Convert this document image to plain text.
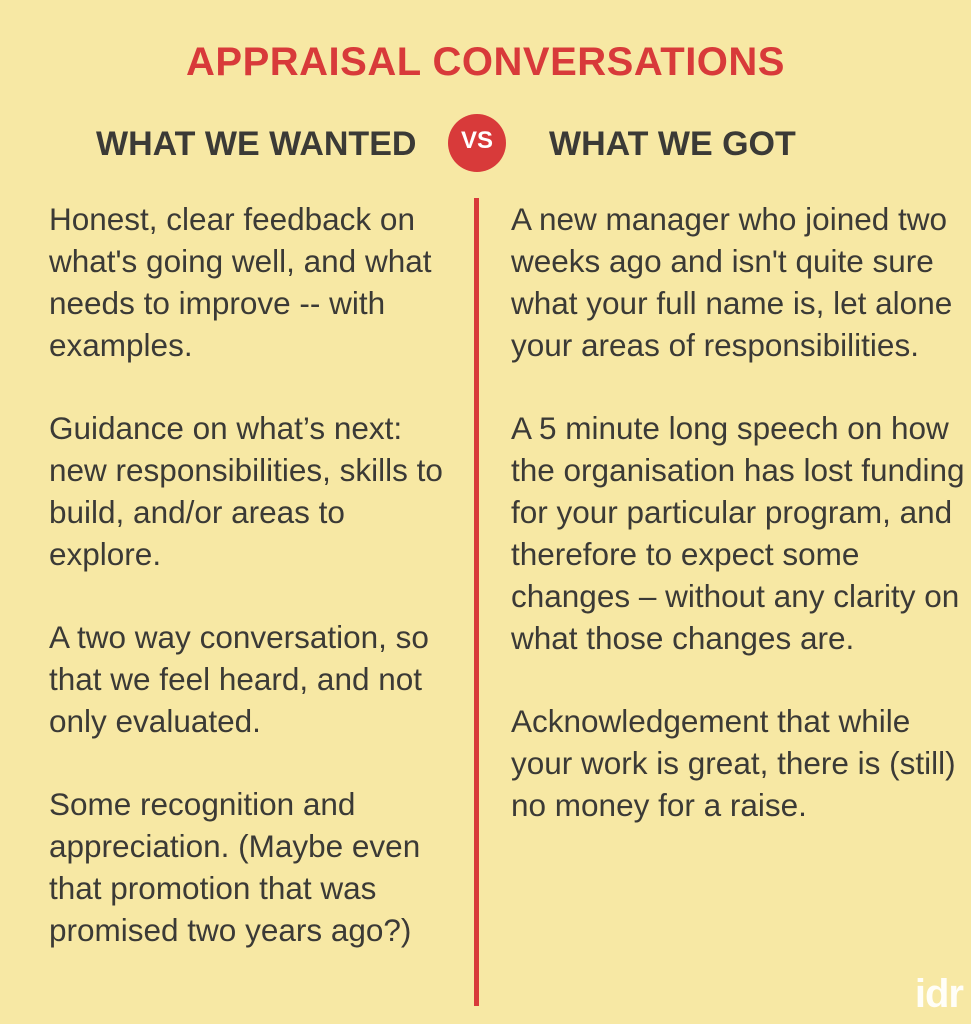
APPRAISAL CONVERSATIONS
WHAT WE WANTED	VS	WHAT WE GOT

Honest, clear feedback on what's going well, and what needs to improve -- with examples.

Guidance on what’s next: new responsibilities, skills to build, and/or areas to explore.

A two way conversation, so that we feel heard, and not only evaluated.

Some recognition and appreciation. (Maybe even that promotion that was promised two years ago?)

A new manager who joined two weeks ago and isn't quite sure what your full name is, let alone your areas of responsibilities.

A 5 minute long speech on how the organisation has lost funding for your particular program, and therefore to expect some changes – without any clarity on what those changes are.

Acknowledgement that while your work is great, there is (still) no money for a raise.

idr
